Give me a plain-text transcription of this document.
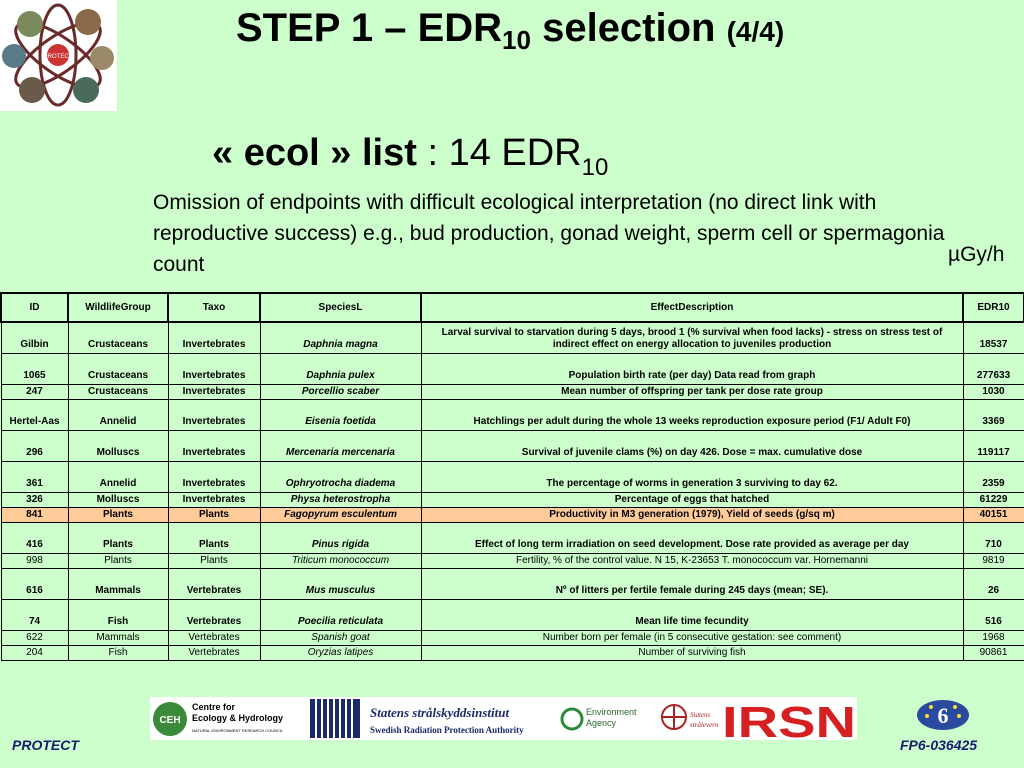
PROTECT
STEP $1 - EDR_{10}$ selection (4/4)
« ecol » list : 14 $EDR_{10}$
Omission of endpoints with difficult ecological interpretation (no direct link with reproductive success) e.g., bud production, gonad weight, sperm cell or spermagonia count	µGy/h
ID	WildlifeGroup	Taxo	SpeciesL	EffectDescription	EDR10
Gilbin	Crustaceans	Invertebrates	Daphnia magna	Larval survival to starvation during 5 days, brood 1 (% survival when food lacks) - stress on stress test of indirect effect on energy allocation to juveniles production	18537
1065	Crustaceans	Invertebrates	Daphnia pulex	Population birth rate (per day) Data read from graph	277633
247	Crustaceans	Invertebrates	Porcellio scaber	Mean number of offspring per tank per dose rate group	1030
Hertel-Aas	Annelid	Invertebrates	Eisenia foetida	Hatchlings per adult during the whole 13 weeks reproduction exposure period (F1/ Adult F0)	3369
296	Molluscs	Invertebrates	Mercenaria mercenaria	Survival of juvenile clams (%) on day 426. Dose = max. cumulative dose	119117
361	Annelid	Invertebrates	Ophryotrocha diadema	The percentage of worms in generation 3 surviving to day 62.	2359
326	Molluscs	Invertebrates	Physa heterostropha	Percentage of eggs that hatched	61229
841	Plants	Plants	Fagopyrum esculentum	Productivity in M3 generation (1979), Yield of seeds (g/sq m)	40151
416	Plants	Plants	Pinus rigida	Effect of long term irradiation on seed development. Dose rate provided as average per day	710
998	Plants	Plants	Triticum monococcum	Fertility, % of the control value. N 15, K-23653 T. monococcum var. Hornemanni	9819
616	Mammals	Vertebrates	Mus musculus	Nº of litters per fertile female during 245 days (mean; SE).	26
74	Fish	Vertebrates	Poecilia reticulata	Mean life time fecundity	516
622	Mammals	Vertebrates	Spanish goat	Number born per female (in 5 consecutive gestation: see comment)	1968
204	Fish	Vertebrates	Oryzias latipes	Number of surviving fish	90861
CEH
Centre for
Ecology & Hydrology
NATURAL ENVIRONMENT RESEARCH COUNCIL
Statens strålskyddsinstitut
Swedish Radiation Protection Authority
Environment
Agency
Statens
strålevern IRSN	6
PROTECT	FP6-036425
